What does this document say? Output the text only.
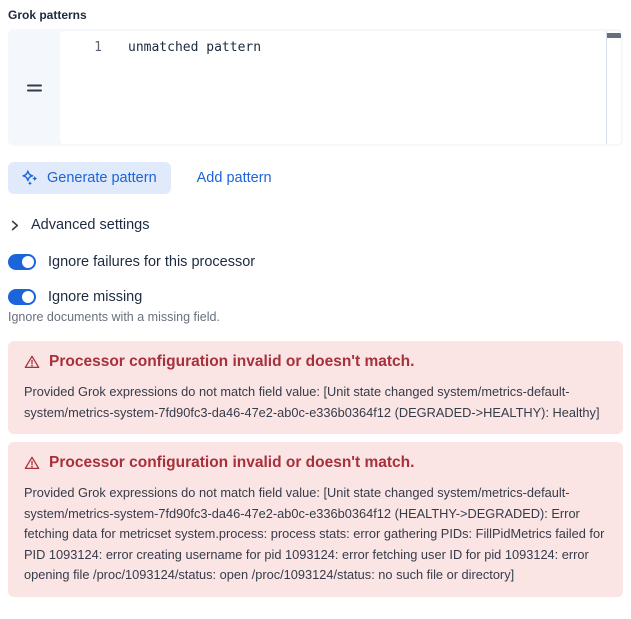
Grok patterns
1	unmatched pattern
Generate pattern	Add pattern
Advanced settings
Ignore failures for this processor
Ignore missing
Ignore documents with a missing field.
Processor configuration invalid or doesn't match.
Provided Grok expressions do not match field value: [Unit state changed system/metrics-default-system/metrics-system-7fd90fc3-da46-47e2-ab0c-e336b0364f12 (DEGRADED->HEALTHY): Healthy]
Processor configuration invalid or doesn't match.
Provided Grok expressions do not match field value: [Unit state changed system/metrics-default-system/metrics-system-7fd90fc3-da46-47e2-ab0c-e336b0364f12 (HEALTHY->DEGRADED): Error fetching data for metricset system.process: process stats: error gathering PIDs: FillPidMetrics failed for PID 1093124: error creating username for pid 1093124: error fetching user ID for pid 1093124: error opening file /proc/1093124/status: open /proc/1093124/status: no such file or directory]
